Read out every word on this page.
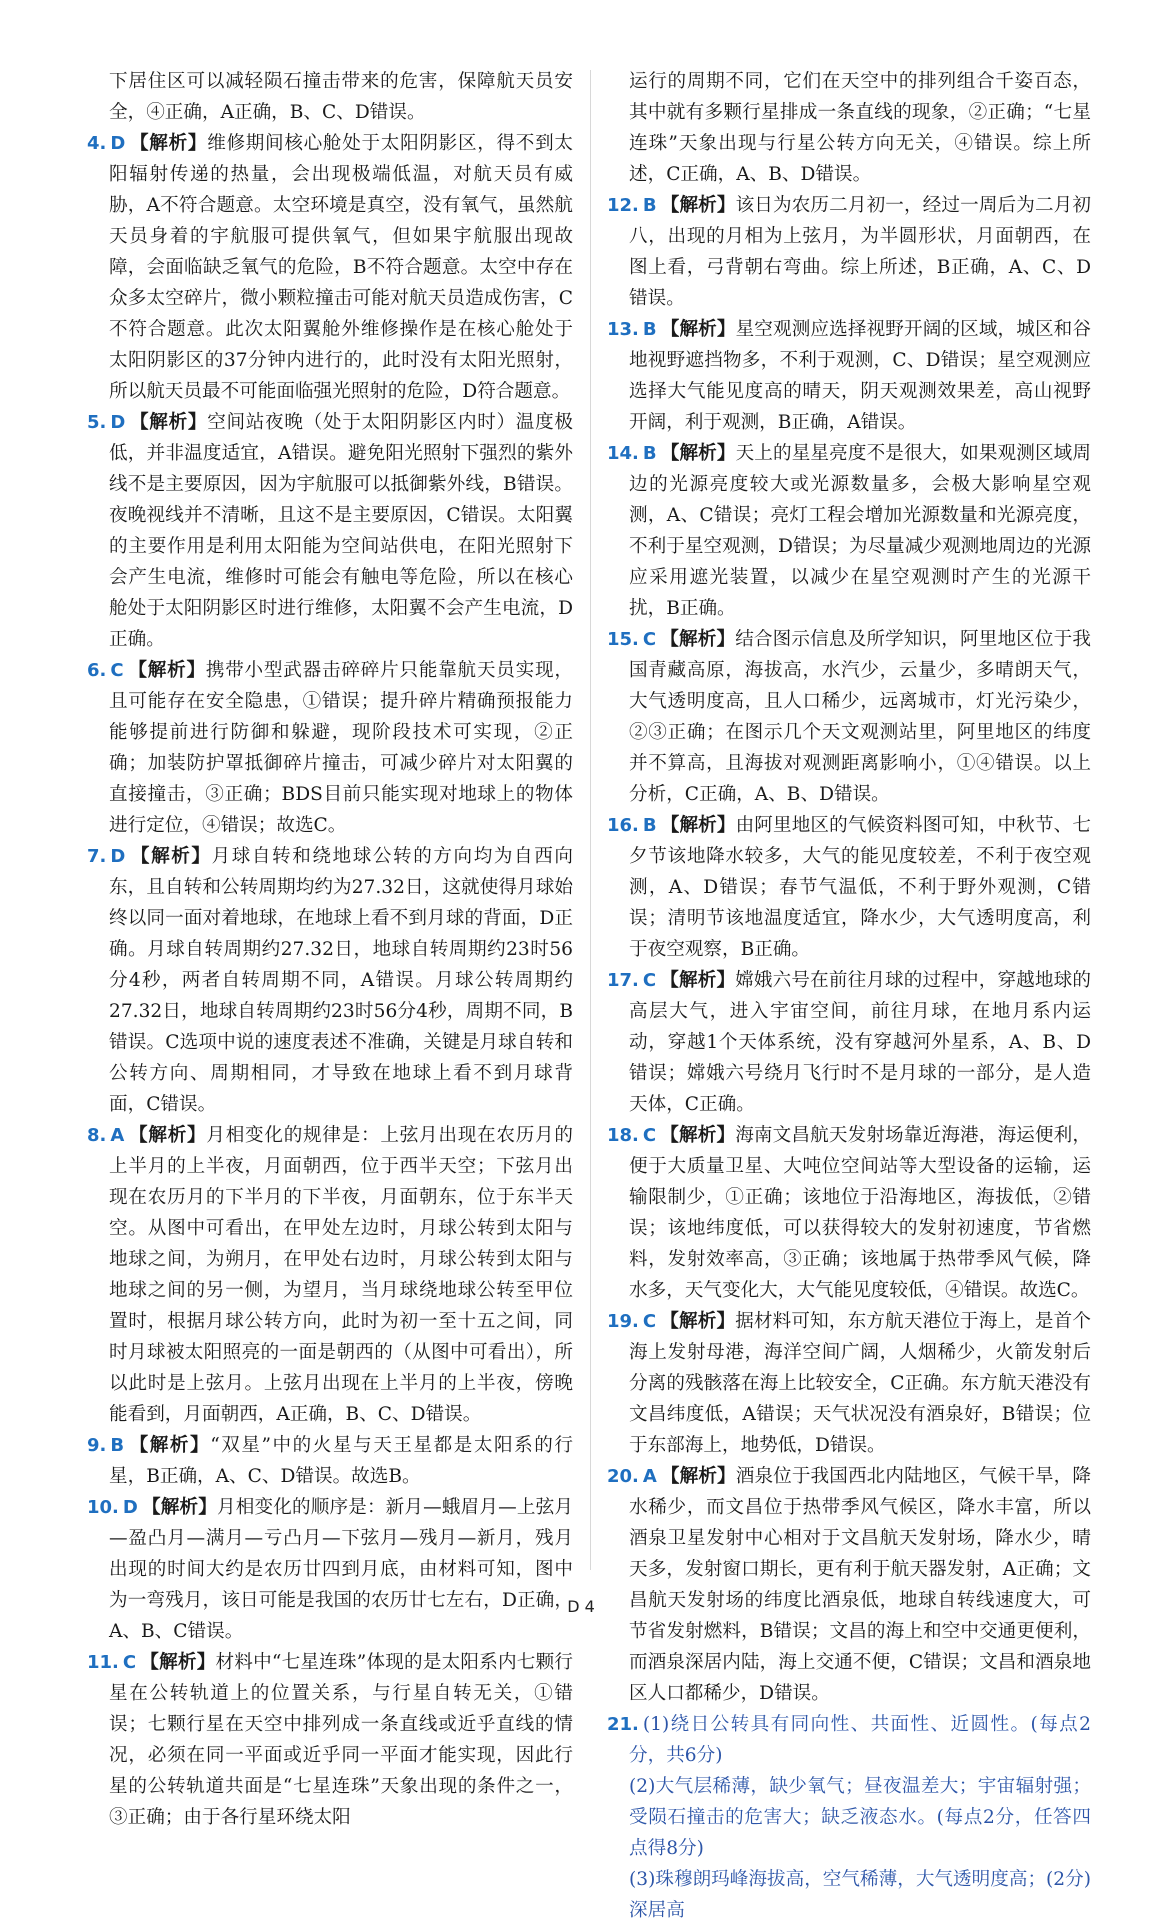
下居住区可以减轻陨石撞击带来的危害，保障航天员安全，④正确，A正确，B、C、D错误。

4. D 【解析】维修期间核心舱处于太阳阴影区，得不到太阳辐射传递的热量，会出现极端低温，对航天员有威胁，A不符合题意。太空环境是真空，没有氧气，虽然航天员身着的宇航服可提供氧气，但如果宇航服出现故障，会面临缺乏氧气的危险，B不符合题意。太空中存在众多太空碎片，微小颗粒撞击可能对航天员造成伤害，C不符合题意。此次太阳翼舱外维修操作是在核心舱处于太阳阴影区的37分钟内进行的，此时没有太阳光照射，所以航天员最不可能面临强光照射的危险，D符合题意。

5. D 【解析】空间站夜晚（处于太阳阴影区内时）温度极低，并非温度适宜，A错误。避免阳光照射下强烈的紫外线不是主要原因，因为宇航服可以抵御紫外线，B错误。夜晚视线并不清晰，且这不是主要原因，C错误。太阳翼的主要作用是利用太阳能为空间站供电，在阳光照射下会产生电流，维修时可能会有触电等危险，所以在核心舱处于太阳阴影区时进行维修，太阳翼不会产生电流，D正确。

6. C 【解析】携带小型武器击碎碎片只能靠航天员实现，且可能存在安全隐患，①错误；提升碎片精确预报能力能够提前进行防御和躲避，现阶段技术可实现，②正确；加装防护罩抵御碎片撞击，可减少碎片对太阳翼的直接撞击，③正确；BDS目前只能实现对地球上的物体进行定位，④错误；故选C。

7. D 【解析】月球自转和绕地球公转的方向均为自西向东，且自转和公转周期均约为27.32日，这就使得月球始终以同一面对着地球，在地球上看不到月球的背面，D正确。月球自转周期约27.32日，地球自转周期约23时56分4秒，两者自转周期不同，A错误。月球公转周期约27.32日，地球自转周期约23时56分4秒，周期不同，B错误。C选项中说的速度表述不准确，关键是月球自转和公转方向、周期相同，才导致在地球上看不到月球背面，C错误。

8. A 【解析】月相变化的规律是：上弦月出现在农历月的上半月的上半夜，月面朝西，位于西半天空；下弦月出现在农历月的下半月的下半夜，月面朝东，位于东半天空。从图中可看出，在甲处左边时，月球公转到太阳与地球之间，为朔月，在甲处右边时，月球公转到太阳与地球之间的另一侧，为望月，当月球绕地球公转至甲位置时，根据月球公转方向，此时为初一至十五之间，同时月球被太阳照亮的一面是朝西的（从图中可看出），所以此时是上弦月。上弦月出现在上半月的上半夜，傍晚能看到，月面朝西，A正确，B、C、D错误。

9. B 【解析】“双星”中的火星与天王星都是太阳系的行星，B正确，A、C、D错误。故选B。

10. D 【解析】月相变化的顺序是：新月—蛾眉月—上弦月—盈凸月—满月—亏凸月—下弦月—残月—新月，残月出现的时间大约是农历廿四到月底，由材料可知，图中为一弯残月，该日可能是我国的农历廿七左右，D正确，A、B、C错误。

11. C 【解析】材料中“七星连珠”体现的是太阳系内七颗行星在公转轨道上的位置关系，与行星自转无关，①错误；七颗行星在天空中排列成一条直线或近乎直线的情况，必须在同一平面或近乎同一平面才能实现，因此行星的公转轨道共面是“七星连珠”天象出现的条件之一，③正确；由于各行星环绕太阳

运行的周期不同，它们在天空中的排列组合千姿百态，其中就有多颗行星排成一条直线的现象，②正确；“七星连珠”天象出现与行星公转方向无关，④错误。综上所述，C正确，A、B、D错误。

12. B 【解析】该日为农历二月初一，经过一周后为二月初八，出现的月相为上弦月，为半圆形状，月面朝西，在图上看，弓背朝右弯曲。综上所述，B正确，A、C、D错误。

13. B 【解析】星空观测应选择视野开阔的区域，城区和谷地视野遮挡物多，不利于观测，C、D错误；星空观测应选择大气能见度高的晴天，阴天观测效果差，高山视野开阔，利于观测，B正确，A错误。

14. B 【解析】天上的星星亮度不是很大，如果观测区域周边的光源亮度较大或光源数量多，会极大影响星空观测，A、C错误；亮灯工程会增加光源数量和光源亮度，不利于星空观测，D错误；为尽量减少观测地周边的光源应采用遮光装置，以减少在星空观测时产生的光源干扰，B正确。

15. C 【解析】结合图示信息及所学知识，阿里地区位于我国青藏高原，海拔高，水汽少，云量少，多晴朗天气，大气透明度高，且人口稀少，远离城市，灯光污染少，②③正确；在图示几个天文观测站里，阿里地区的纬度并不算高，且海拔对观测距离影响小，①④错误。以上分析，C正确，A、B、D错误。

16. B 【解析】由阿里地区的气候资料图可知，中秋节、七夕节该地降水较多，大气的能见度较差，不利于夜空观测，A、D错误；春节气温低，不利于野外观测，C错误；清明节该地温度适宜，降水少，大气透明度高，利于夜空观察，B正确。

17. C 【解析】嫦娥六号在前往月球的过程中，穿越地球的高层大气，进入宇宙空间，前往月球，在地月系内运动，穿越1个天体系统，没有穿越河外星系，A、B、D错误；嫦娥六号绕月飞行时不是月球的一部分，是人造天体，C正确。

18. C 【解析】海南文昌航天发射场靠近海港，海运便利，便于大质量卫星、大吨位空间站等大型设备的运输，运输限制少，①正确；该地位于沿海地区，海拔低，②错误；该地纬度低，可以获得较大的发射初速度，节省燃料，发射效率高，③正确；该地属于热带季风气候，降水多，天气变化大，大气能见度较低，④错误。故选C。

19. C 【解析】据材料可知，东方航天港位于海上，是首个海上发射母港，海洋空间广阔，人烟稀少，火箭发射后分离的残骸落在海上比较安全，C正确。东方航天港没有文昌纬度低，A错误；天气状况没有酒泉好，B错误；位于东部海上，地势低，D错误。

20. A 【解析】酒泉位于我国西北内陆地区，气候干旱，降水稀少，而文昌位于热带季风气候区，降水丰富，所以酒泉卫星发射中心相对于文昌航天发射场，降水少，晴天多，发射窗口期长，更有利于航天器发射，A正确；文昌航天发射场的纬度比酒泉低，地球自转线速度大，可节省发射燃料，B错误；文昌的海上和空中交通更便利，而酒泉深居内陆，海上交通不便，C错误；文昌和酒泉地区人口都稀少，D错误。

21. (1)绕日公转具有同向性、共面性、近圆性。(每点2分，共6分)

(2)大气层稀薄，缺少氧气；昼夜温差大；宇宙辐射强；受陨石撞击的危害大；缺乏液态水。(每点2分，任答四点得8分)

(3)珠穆朗玛峰海拔高，空气稀薄，大气透明度高；(2分)深居高

D 4
